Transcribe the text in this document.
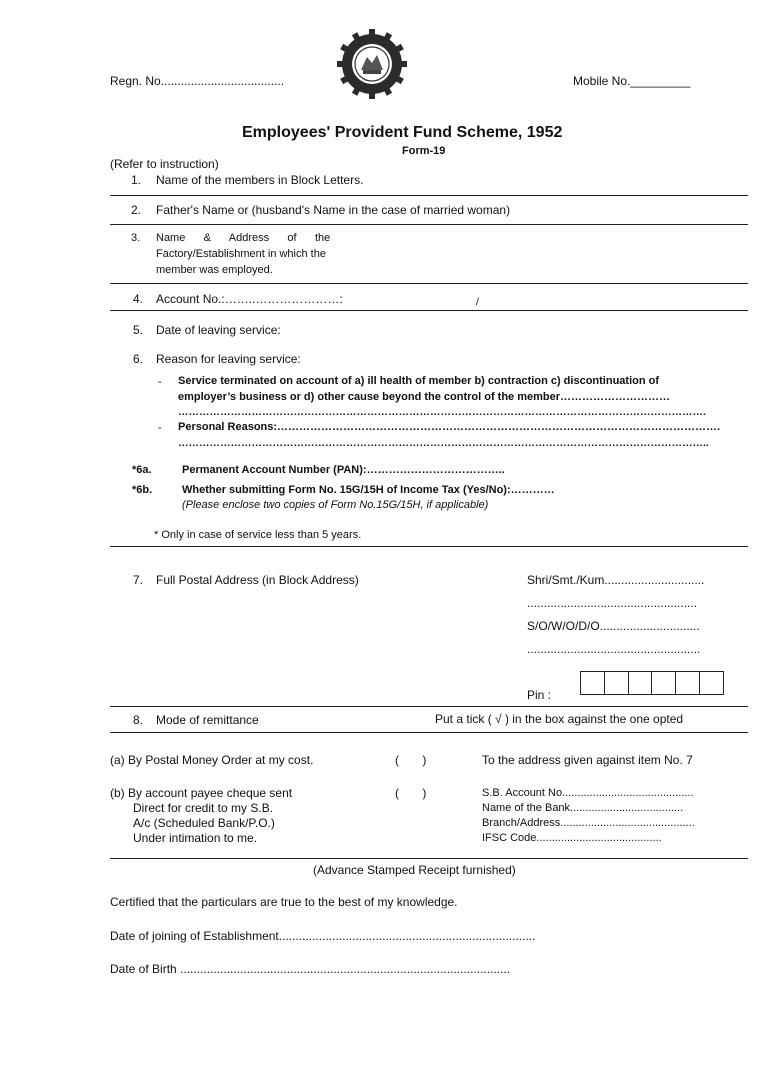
Regn. No.....................................	Mobile No._________
Employees' Provident Fund Scheme, 1952
Form-19
(Refer to instruction)
1. Name of the members in Block Letters.
2. Father's Name or (husband's Name in the case of married woman)
3. Name      &      Address      of      the
Factory/Establishment in which the
member was employed.
4. Account No.:……..…………………:	/
5. Date of leaving service:
6. Reason for leaving service:
- Service terminated on account of a) ill health of member b) contraction c) discontinuation of
employer’s business or d) other cause beyond the control of the member…………………………
…………………………………………………………………………………………………………………………………….
- Personal Reasons:………………………………………………………………………………………………………….
……………………………………………………………………………………………………………………………………..
*6a.	Permanent Account Number (PAN):………………………………..
*6b.	Whether submitting Form No. 15G/15H of Income Tax (Yes/No):…………
(Please enclose two copies of Form No.15G/15H, if applicable)
* Only in case of service less than 5 years.
7. Full Postal Address (in Block Address)	Shri/Smt./Kum..............................
...................................................
S/O/W/O/D/O..............................
....................................................
Pin :
8. Mode of remittance	Put a tick ( √ ) in the box against the one opted
(a) By Postal Money Order at my cost.	(       )	To the address given against item No. 7
(b) By account payee cheque sent
Direct for credit to my S.B.
A/c (Scheduled Bank/P.O.)
Under intimation to me.
(       )	S.B. Account No...........................................
Name of the Bank.....................................
Branch/Address............................................
IFSC Code.........................................
(Advance Stamped Receipt furnished)
Certified that the particulars are true to the best of my knowledge.
Date of joining of Establishment.............................................................................
Date of Birth ...................................................................................................
